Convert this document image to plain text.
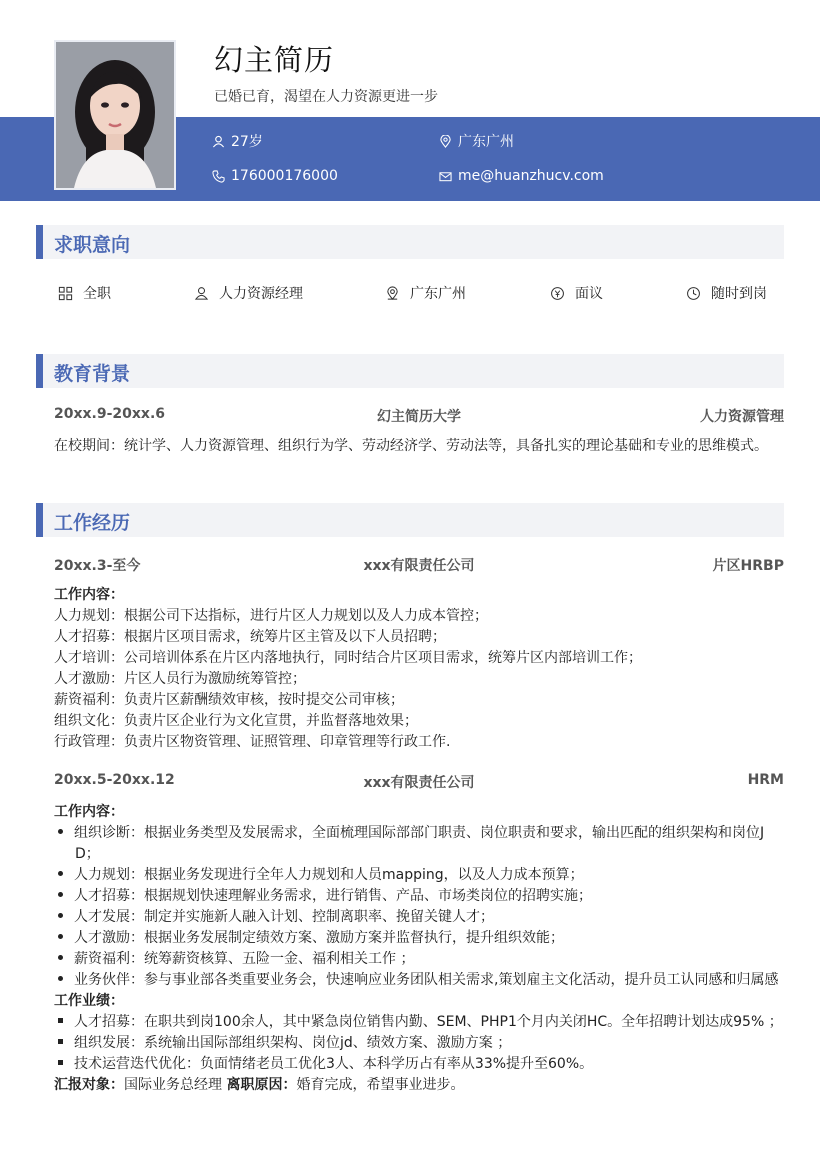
幻主简历
已婚已育，渴望在人力资源更进一步
27岁	广东广州
176000176000	me@huanzhucv.com
求职意向
全职	人力资源经理	广东广州	面议	随时到岗
教育背景
20xx.9-20xx.6	幻主简历大学	人力资源管理
在校期间：统计学、人力资源管理、组织行为学、劳动经济学、劳动法等，具备扎实的理论基础和专业的思维模式。
工作经历
20xx.3-至今	xxx有限责任公司	片区HRBP
工作内容：
人力规划：根据公司下达指标，进行片区人力规划以及人力成本管控；
人才招募：根据片区项目需求，统筹片区主管及以下人员招聘；
人才培训：公司培训体系在片区内落地执行，同时结合片区项目需求，统筹片区内部培训工作；
人才激励：片区人员行为激励统筹管控；
薪资福利：负责片区薪酬绩效审核，按时提交公司审核；
组织文化：负责片区企业行为文化宣贯，并监督落地效果；
行政管理：负责片区物资管理、证照管理、印章管理等行政工作.
20xx.5-20xx.12	xxx有限责任公司	HRM
工作内容：
组织诊断：根据业务类型及发展需求，全面梳理国际部部门职责、岗位职责和要求，输出匹配的组织架构和岗位J
D；
人力规划：根据业务发现进行全年人力规划和人员mapping，以及人力成本预算；
人才招募：根据规划快速理解业务需求，进行销售、产品、市场类岗位的招聘实施；
人才发展：制定并实施新人融入计划、控制离职率、挽留关键人才；
人才激励：根据业务发展制定绩效方案、激励方案并监督执行，提升组织效能；
薪资福利：统筹薪资核算、五险一金、福利相关工作 ；
业务伙伴：参与事业部各类重要业务会，快速响应业务团队相关需求,策划雇主文化活动，提升员工认同感和归属感
工作业绩：
人才招募：在职共到岗100余人，其中紧急岗位销售内勤、SEM、PHP1个月内关闭HC。全年招聘计划达成95% ；
组织发展：系统输出国际部组织架构、岗位jd、绩效方案、激励方案 ；
技术运营迭代优化：负面情绪老员工优化3人、本科学历占有率从33%提升至60%。
汇报对象：国际业务总经理 离职原因：婚育完成，希望事业进步。
